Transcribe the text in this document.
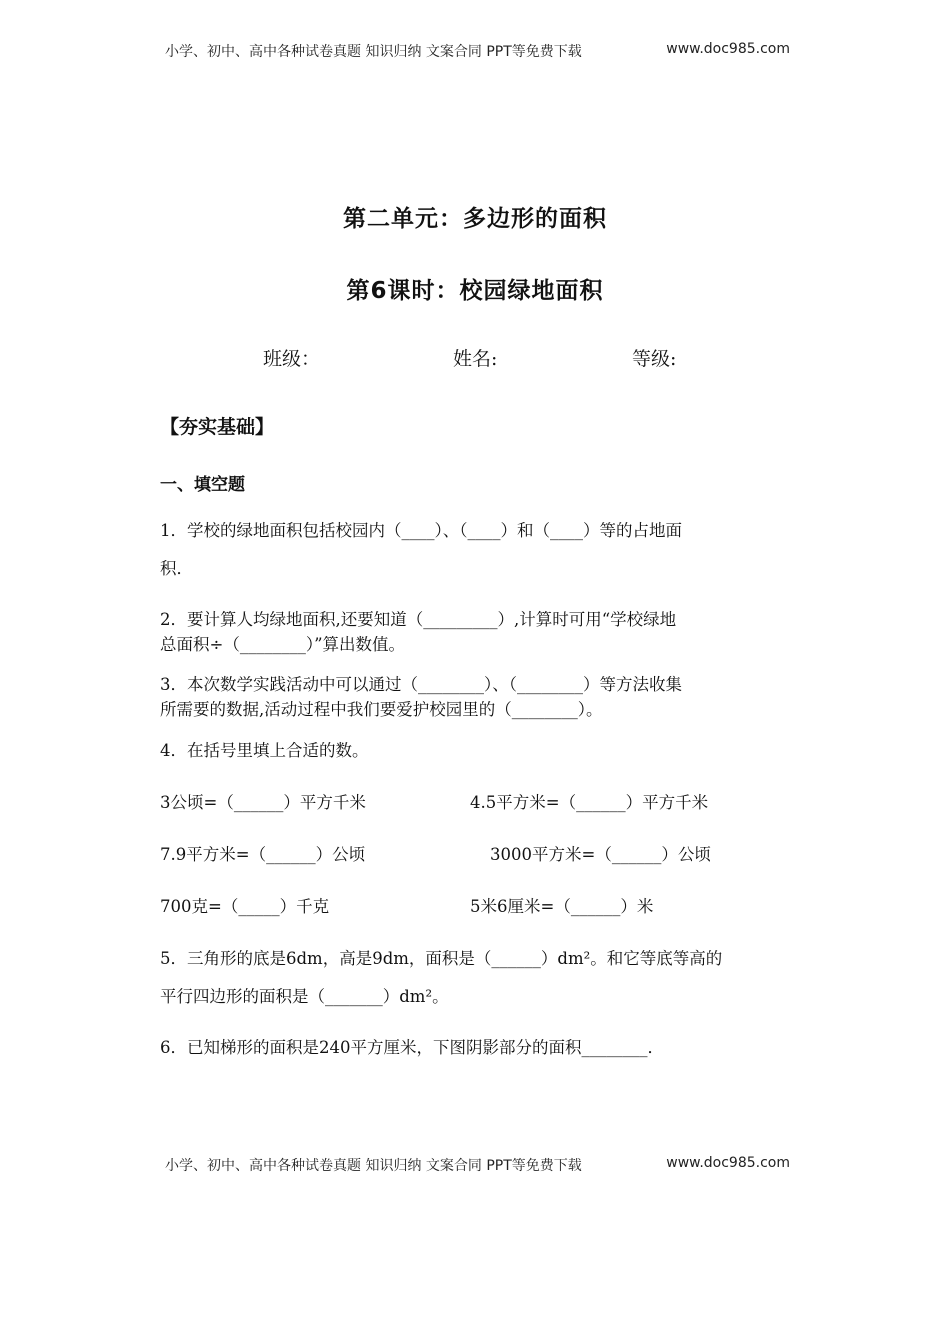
小学、初中、高中各种试卷真题 知识归纳 文案合同 PPT等免费下载	www.doc985.com
第二单元：多边形的面积
第6课时：校园绿地面积
班级：	姓名:	等级:
【夯实基础】
一、填空题
1．学校的绿地面积包括校园内（____）、（____）和（____）等的占地面
积．
2．要计算人均绿地面积,还要知道（_________）,计算时可用“学校绿地
总面积÷（________）”算出数值。
3．本次数学实践活动中可以通过（________）、（________）等方法收集
所需要的数据,活动过程中我们要爱护校园里的（________）。
4．在括号里填上合适的数。
3公顷=（______）平方千米	4.5平方米=（______）平方千米
7.9平方米=（______）公顷	3000平方米=（______）公顷
700克=（_____）千克	5米6厘米=（______）米
5．三角形的底是6dm，高是9dm，面积是（______）dm²。和它等底等高的
平行四边形的面积是（_______）dm²。
6．已知梯形的面积是240平方厘米，下图阴影部分的面积________．
小学、初中、高中各种试卷真题 知识归纳 文案合同 PPT等免费下载	www.doc985.com
